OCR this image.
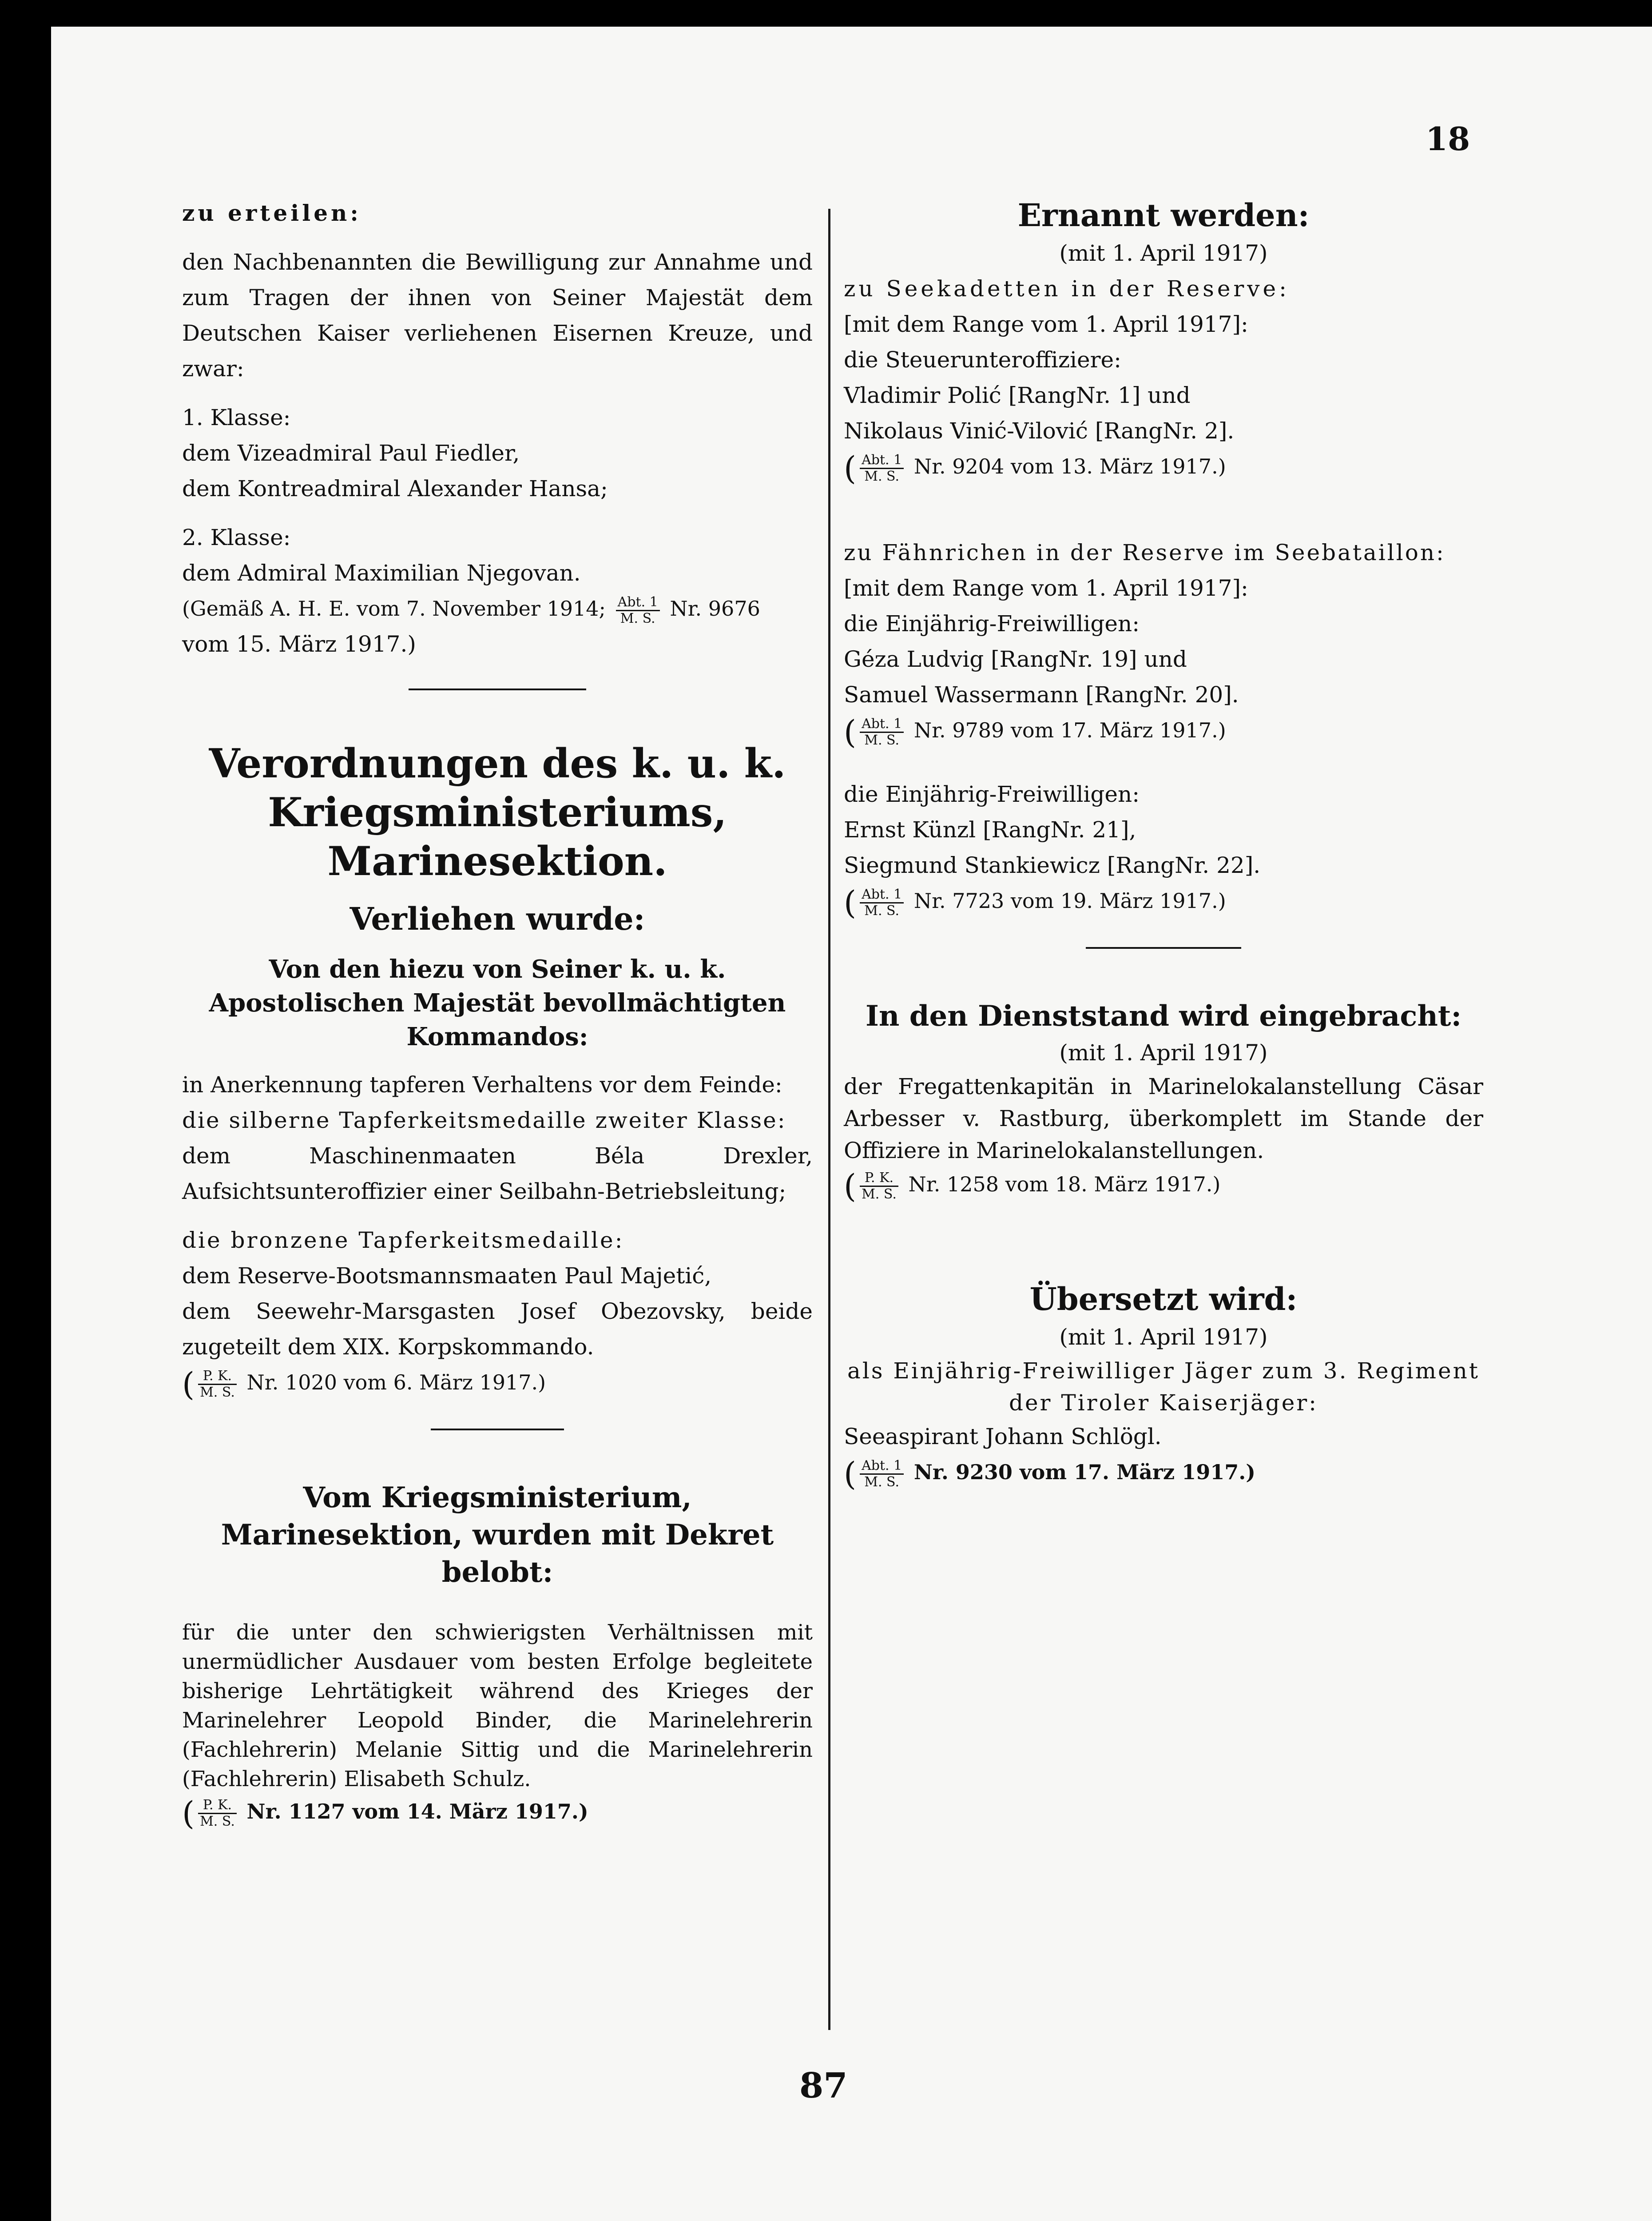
18

zu erteilen:

den Nachbenannten die Bewilligung zur Annahme und zum Tragen der ihnen von Seiner Majestät dem Deutschen Kaiser verliehenen Eisernen Kreuze, und zwar:

1. Klasse:

dem Vizeadmiral Paul Fiedler,

dem Kontreadmiral Alexander Hansa;

2. Klasse:

dem Admiral Maximilian Njegovan.

(Gemäß A. H. E. vom 7. November 1914; $\frac{\text{Abt. 1}}{M. S.} Nr$. 9676

vom 15. März 1917.)

Verordnungen des k. u. k. Kriegsministeriums, Marinesektion.

Verliehen wurde:

Von den hiezu von Seiner k. u. k. Apostolischen Majestät bevollmächtigten Kommandos:

in Anerkennung tapferen Verhaltens vor dem Feinde:

die silberne Tapferkeitsmedaille zweiter Klasse:

dem Maschinenmaaten Béla Drexler, Aufsichtsunteroffizier einer Seilbahn-Betriebsleitung;

die bronzene Tapferkeitsmedaille:

dem Reserve-Bootsmannsmaaten Paul Majetić,

dem Seewehr-Marsgasten Josef Obezovsky, beide zugeteilt dem XIX. Korpskommando.

( $\frac{P. K.}{M. S.} Nr$. 1020 vom 6. März 1917.)

Vom Kriegsministerium, Marinesektion, wurden mit Dekret belobt:

für die unter den schwierigsten Verhältnissen mit unermüdlicher Ausdauer vom besten Erfolge begleitete bisherige Lehrtätigkeit während des Krieges der Marinelehrer Leopold Binder, die Marinelehrerin (Fachlehrerin) Melanie Sittig und die Marinelehrerin (Fachlehrerin) Elisabeth Schulz.

( $\frac{P. K.}{M. S.} Nr$. 1127 vom 14. März 1917.)

Ernannt werden:

(mit 1. April 1917)

zu Seekadetten in der Reserve:

[mit dem Range vom 1. April 1917]:

die Steuerunteroffiziere:

Vladimir Polić [RangNr. 1] und

Nikolaus Vinić-Vilović [RangNr. 2].

( $\frac{\text{Abt. 1}}{M. S.} Nr$. 9204 vom 13. März 1917.)

zu Fähnrichen in der Reserve im Seebataillon:

[mit dem Range vom 1. April 1917]:

die Einjährig-Freiwilligen:

Géza Ludvig [RangNr. 19] und

Samuel Wassermann [RangNr. 20].

( $\frac{\text{Abt. 1}}{M. S.} Nr$. 9789 vom 17. März 1917.)

die Einjährig-Freiwilligen:

Ernst Künzl [RangNr. 21],

Siegmund Stankiewicz [RangNr. 22].

( $\frac{\text{Abt. 1}}{M. S.} Nr$. 7723 vom 19. März 1917.)

In den Dienststand wird eingebracht:

(mit 1. April 1917)

der Fregattenkapitän in Marinelokalanstellung Cäsar Arbesser v. Rastburg, überkomplett im Stande der Offiziere in Marinelokalanstellungen.

( $\frac{P. K.}{M. S.} Nr$. 1258 vom 18. März 1917.)

Übersetzt wird:

(mit 1. April 1917)

als Einjährig-Freiwilliger Jäger zum 3. Regiment der Tiroler Kaiserjäger:

Seeaspirant Johann Schlögl.

( $\frac{\text{Abt. 1}}{M. S.} Nr$. 9230 vom 17. März 1917.)

87
